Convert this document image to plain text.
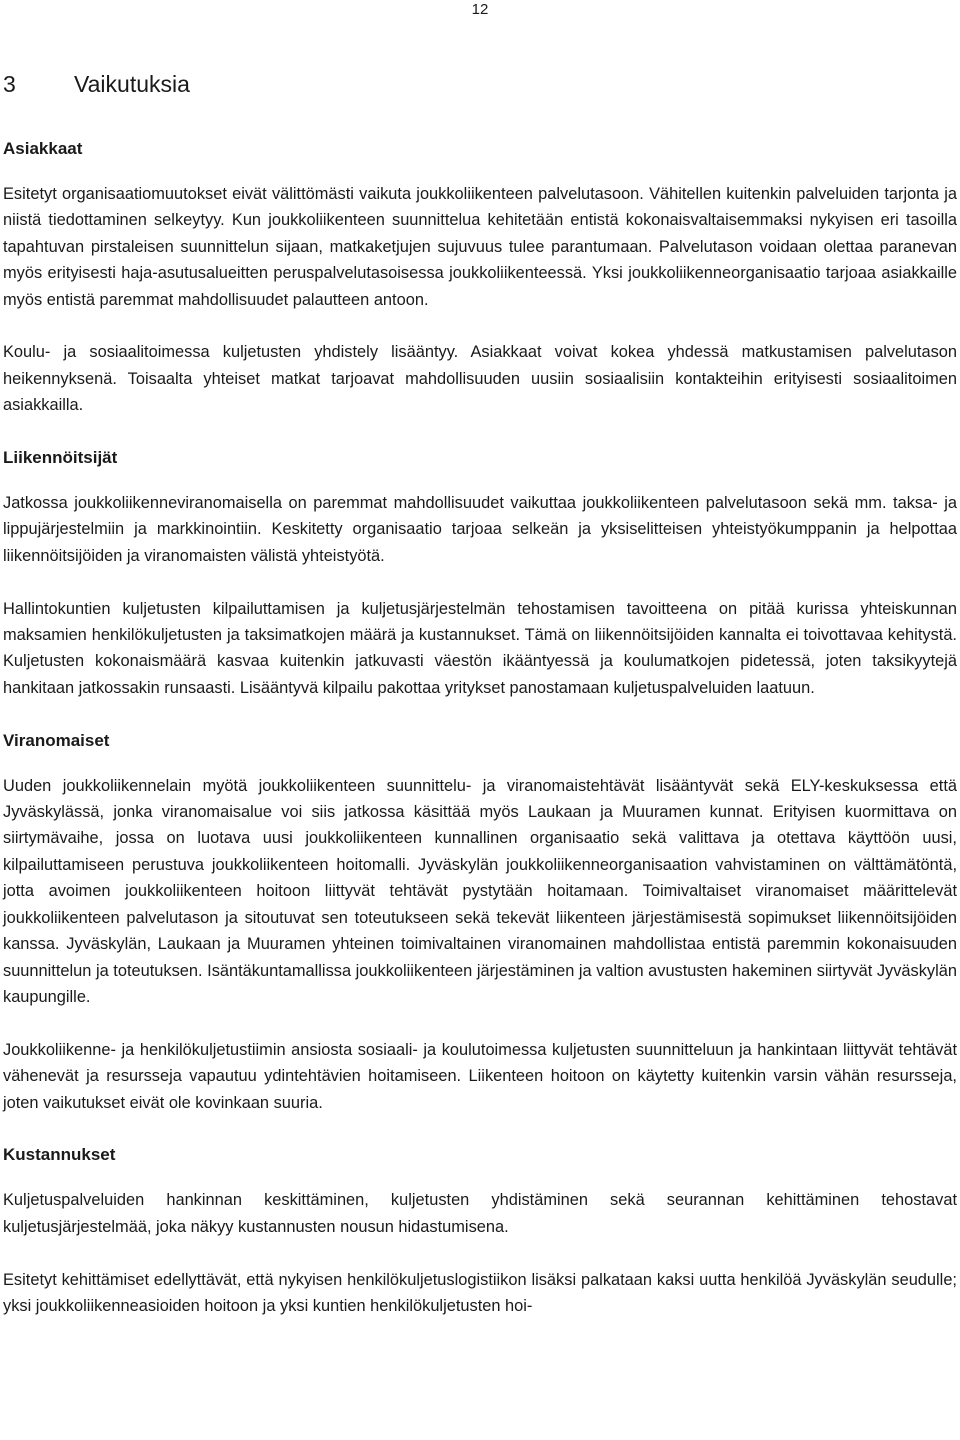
12
3	Vaikutuksia
Asiakkaat

Esitetyt organisaatiomuutokset eivät välittömästi vaikuta joukkoliikenteen palvelutasoon. Vähitellen kuitenkin palveluiden tarjonta ja niistä tiedottaminen selkeytyy. Kun joukkoliikenteen suunnittelua kehitetään entistä kokonaisvaltaisemmaksi nykyisen eri tasoilla tapahtuvan pirstaleisen suunnittelun sijaan, matkaketjujen sujuvuus tulee parantumaan. Palvelutason voidaan olettaa paranevan myös erityisesti haja-asutusalueitten peruspalvelutasoisessa joukkoliikenteessä. Yksi joukkoliikenneorganisaatio tarjoaa asiakkaille myös entistä paremmat mahdollisuudet palautteen antoon.

Koulu- ja sosiaalitoimessa kuljetusten yhdistely lisääntyy. Asiakkaat voivat kokea yhdessä matkustamisen palvelutason heikennyksenä. Toisaalta yhteiset matkat tarjoavat mahdollisuuden uusiin sosiaalisiin kontakteihin erityisesti sosiaalitoimen asiakkailla.

Liikennöitsijät

Jatkossa joukkoliikenneviranomaisella on paremmat mahdollisuudet vaikuttaa joukkoliikenteen palvelutasoon sekä mm. taksa- ja lippujärjestelmiin ja markkinointiin. Keskitetty organisaatio tarjoaa selkeän ja yksiselitteisen yhteistyökumppanin ja helpottaa liikennöitsijöiden ja viranomaisten välistä yhteistyötä.

Hallintokuntien kuljetusten kilpailuttamisen ja kuljetusjärjestelmän tehostamisen tavoitteena on pitää kurissa yhteiskunnan maksamien henkilökuljetusten ja taksimatkojen määrä ja kustannukset. Tämä on liikennöitsijöiden kannalta ei toivottavaa kehitystä. Kuljetusten kokonaismäärä kasvaa kuitenkin jatkuvasti väestön ikääntyessä ja koulumatkojen pidetessä, joten taksikyytejä hankitaan jatkossakin runsaasti. Lisääntyvä kilpailu pakottaa yritykset panostamaan kuljetuspalveluiden laatuun.

Viranomaiset

Uuden joukkoliikennelain myötä joukkoliikenteen suunnittelu- ja viranomaistehtävät lisääntyvät sekä ELY-keskuksessa että Jyväskylässä, jonka viranomaisalue voi siis jatkossa käsittää myös Laukaan ja Muuramen kunnat. Erityisen kuormittava on siirtymävaihe, jossa on luotava uusi joukkoliikenteen kunnallinen organisaatio sekä valittava ja otettava käyttöön uusi, kilpailuttamiseen perustuva joukkoliikenteen hoitomalli. Jyväskylän joukkoliikenneorganisaation vahvistaminen on välttämätöntä, jotta avoimen joukkoliikenteen hoitoon liittyvät tehtävät pystytään hoitamaan. Toimivaltaiset viranomaiset määrittelevät joukkoliikenteen palvelutason ja sitoutuvat sen toteutukseen sekä tekevät liikenteen järjestämisestä sopimukset liikennöitsijöiden kanssa. Jyväskylän, Laukaan ja Muuramen yhteinen toimivaltainen viranomainen mahdollistaa entistä paremmin kokonaisuuden suunnittelun ja toteutuksen. Isäntäkuntamallissa joukkoliikenteen järjestäminen ja valtion avustusten hakeminen siirtyvät Jyväskylän kaupungille.

Joukkoliikenne- ja henkilökuljetustiimin ansiosta sosiaali- ja koulutoimessa kuljetusten suunnitteluun ja hankintaan liittyvät tehtävät vähenevät ja resursseja vapautuu ydintehtävien hoitamiseen. Liikenteen hoitoon on käytetty kuitenkin varsin vähän resursseja, joten vaikutukset eivät ole kovinkaan suuria.

Kustannukset

Kuljetuspalveluiden hankinnan keskittäminen, kuljetusten yhdistäminen sekä seurannan kehittäminen tehostavat kuljetusjärjestelmää, joka näkyy kustannusten nousun hidastumisena.

Esitetyt kehittämiset edellyttävät, että nykyisen henkilökuljetuslogistiikon lisäksi palkataan kaksi uutta henkilöä Jyväskylän seudulle; yksi joukkoliikenneasioiden hoitoon ja yksi kuntien henkilökuljetusten hoi-
